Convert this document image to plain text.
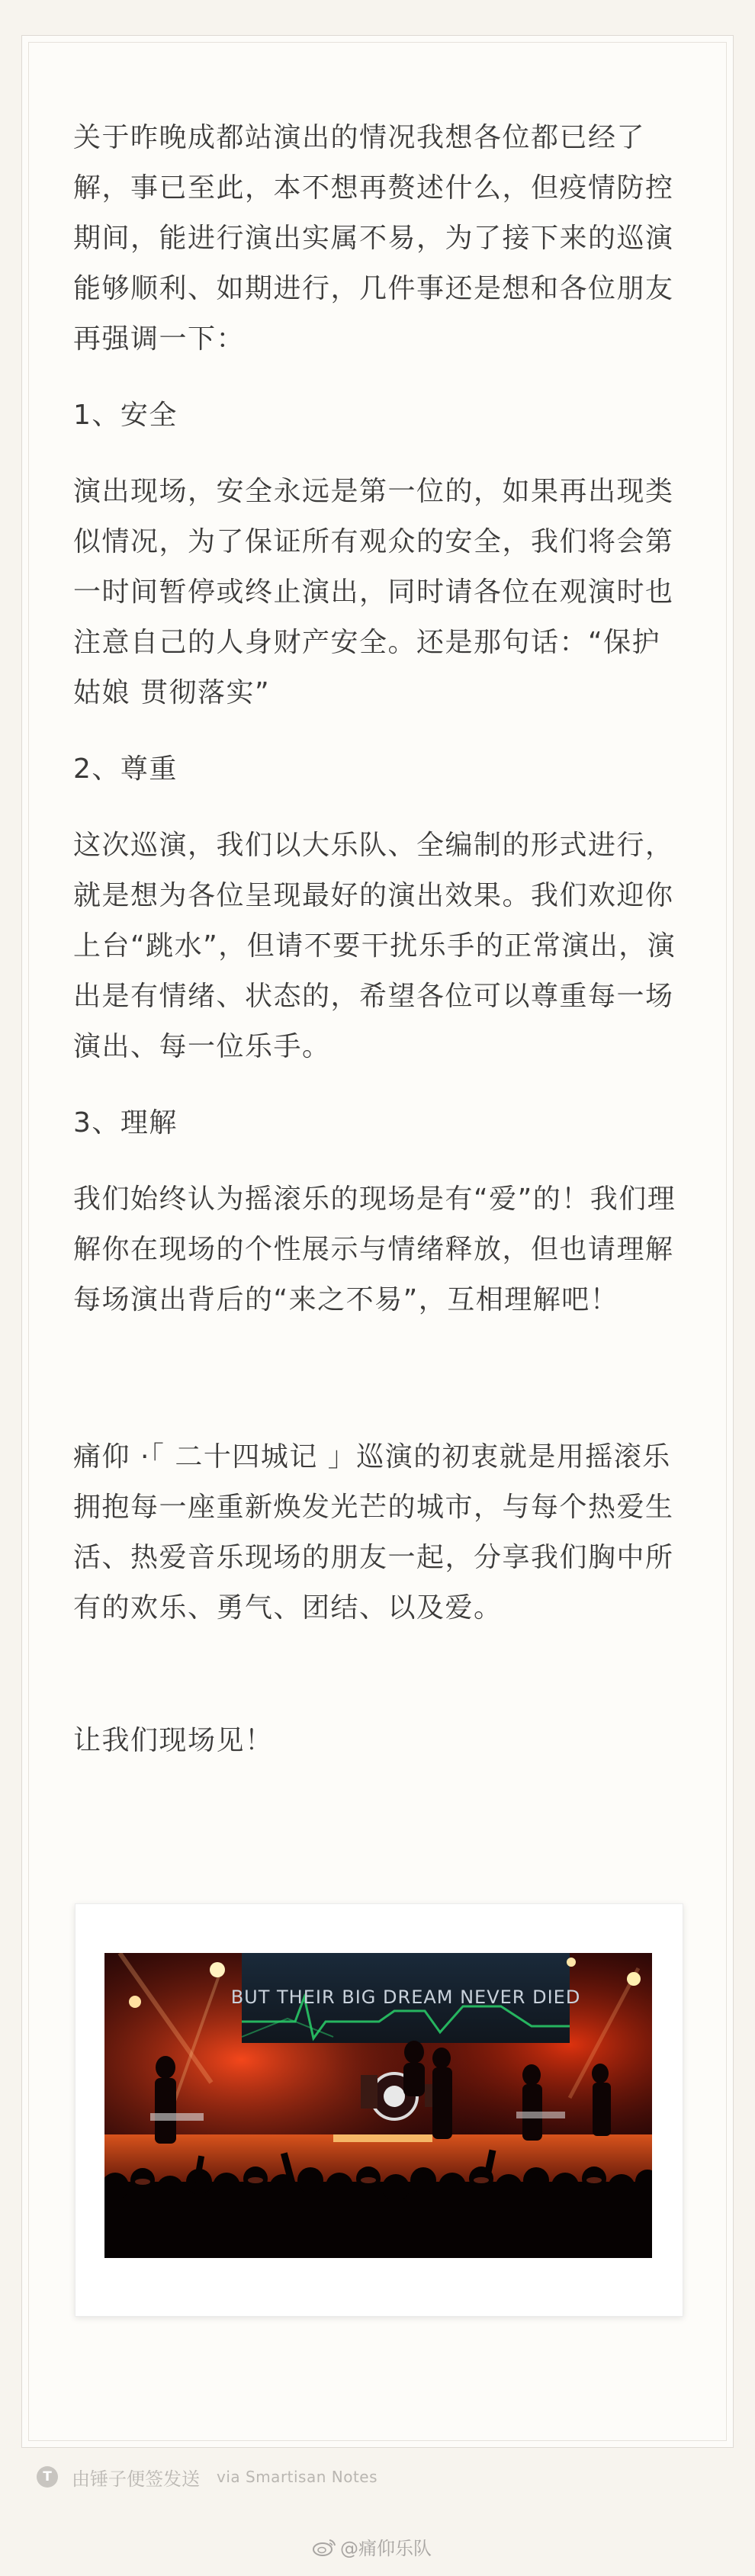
关于昨晚成都站演出的情况我想各位都已经了解，事已至此，本不想再赘述什么，但疫情防控期间，能进行演出实属不易，为了接下来的巡演能够顺利、如期进行，几件事还是想和各位朋友再强调一下：

1、安全

演出现场，安全永远是第一位的，如果再出现类似情况，为了保证所有观众的安全，我们将会第一时间暂停或终止演出，同时请各位在观演时也注意自己的人身财产安全。还是那句话：“保护姑娘 贯彻落实”

2、尊重

这次巡演，我们以大乐队、全编制的形式进行，就是想为各位呈现最好的演出效果。我们欢迎你上台“跳水”，但请不要干扰乐手的正常演出，演出是有情绪、状态的，希望各位可以尊重每一场演出、每一位乐手。

3、理解

我们始终认为摇滚乐的现场是有“爱”的！我们理解你在现场的个性展示与情绪释放，但也请理解每场演出背后的“来之不易”，互相理解吧！

痛仰 ·「 二十四城记 」巡演的初衷就是用摇滚乐拥抱每一座重新焕发光芒的城市，与每个热爱生活、热爱音乐现场的朋友一起，分享我们胸中所有的欢乐、勇气、团结、以及爱。

让我们现场见！

BUT THEIR BIG DREAM NEVER DIED
T	由锤子便签发送 via Smartisan Notes
@痛仰乐队
